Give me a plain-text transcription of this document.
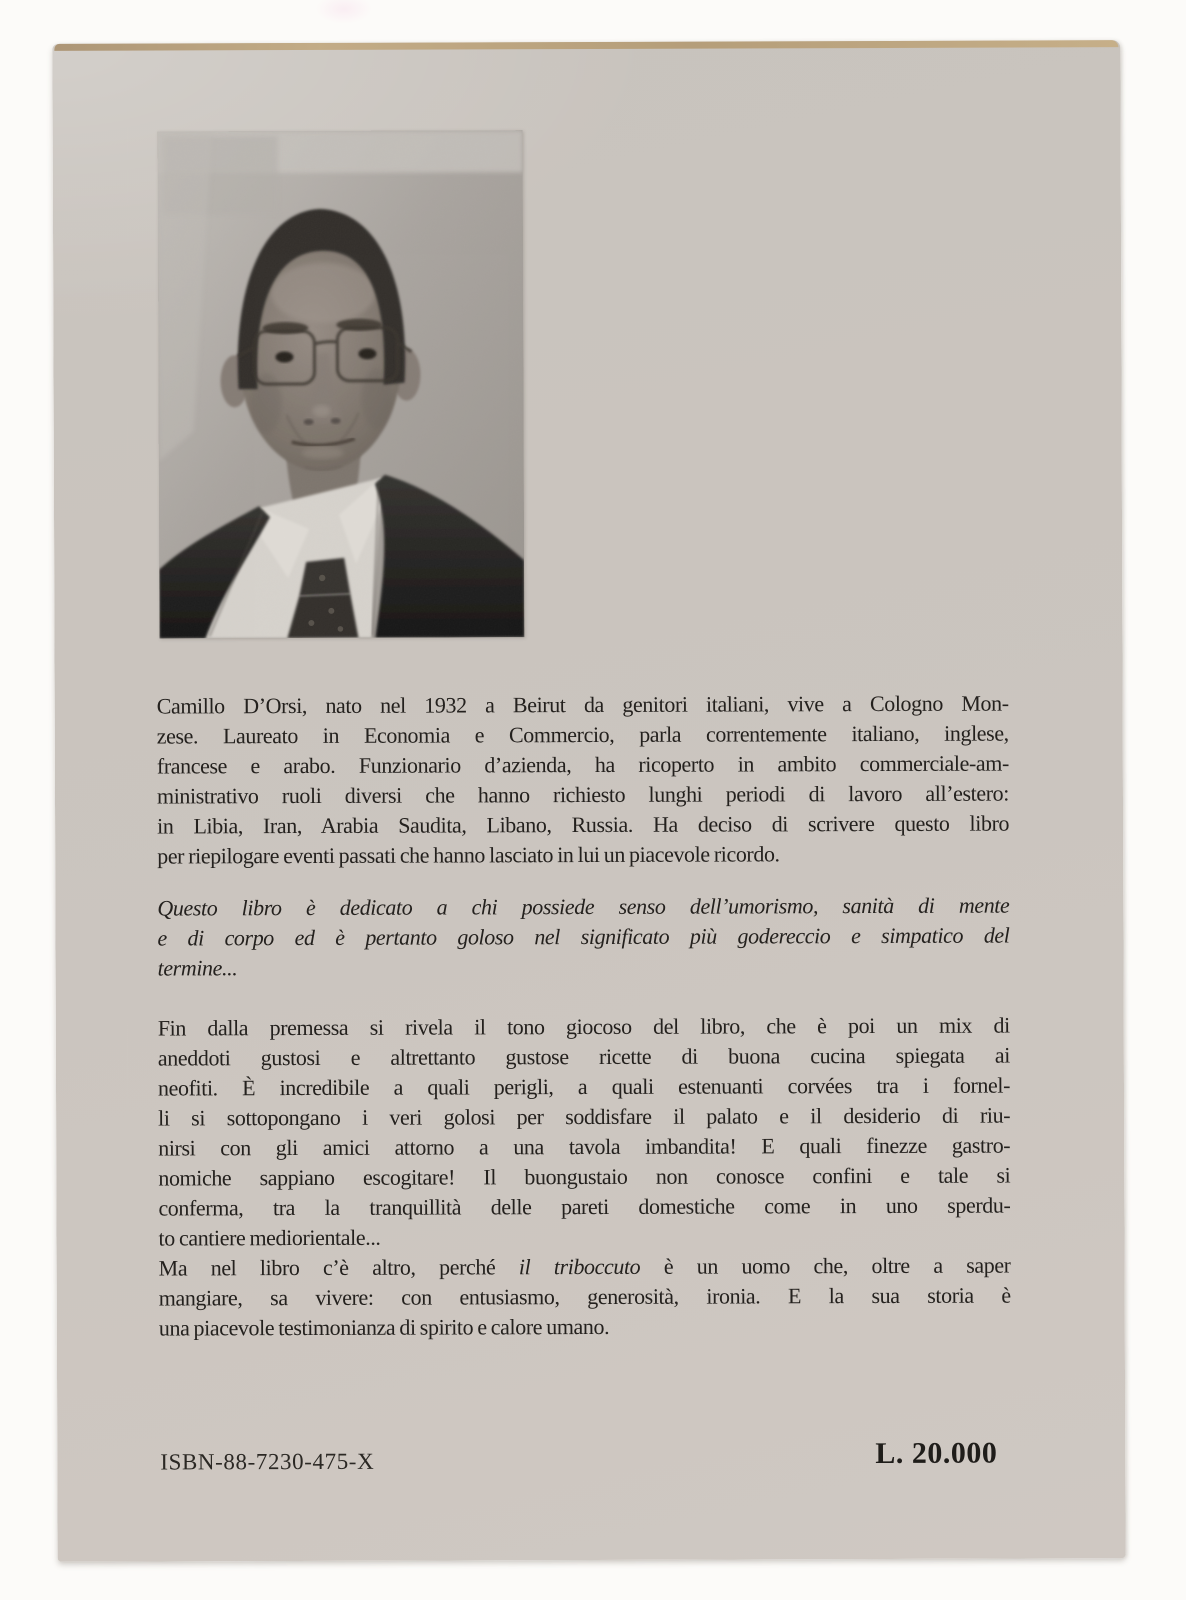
Camillo D’Orsi, nato nel 1932 a Beirut da genitori italiani, vive a Cologno Mon-
zese. Laureato in Economia e Commercio, parla correntemente italiano, inglese,
francese e arabo. Funzionario d’azienda, ha ricoperto in ambito commerciale-am-
ministrativo ruoli diversi che hanno richiesto lunghi periodi di lavoro all’estero:
in Libia, Iran, Arabia Saudita, Libano, Russia. Ha deciso di scrivere questo libro
per riepilogare eventi passati che hanno lasciato in lui un piacevole ricordo.
Questo libro è dedicato a chi possiede senso dell’umorismo, sanità di mente
e di corpo ed è pertanto goloso nel significato più godereccio e simpatico del
termine...
Fin dalla premessa si rivela il tono giocoso del libro, che è poi un mix di
aneddoti gustosi e altrettanto gustose ricette di buona cucina spiegata ai
neofiti. È incredibile a quali perigli, a quali estenuanti corvées tra i fornel-
li si sottopongano i veri golosi per soddisfare il palato e il desiderio di riu-
nirsi con gli amici attorno a una tavola imbandita! E quali finezze gastro-
nomiche sappiano escogitare! Il buongustaio non conosce confini e tale si
conferma, tra la tranquillità delle pareti domestiche come in uno sperdu-
to cantiere mediorientale...
Ma nel libro c’è altro, perché il triboccuto è un uomo che, oltre a saper
mangiare, sa vivere: con entusiasmo, generosità, ironia. E la sua storia è
una piacevole testimonianza di spirito e calore umano.
ISBN-88-7230-475-X	L. 20.000
